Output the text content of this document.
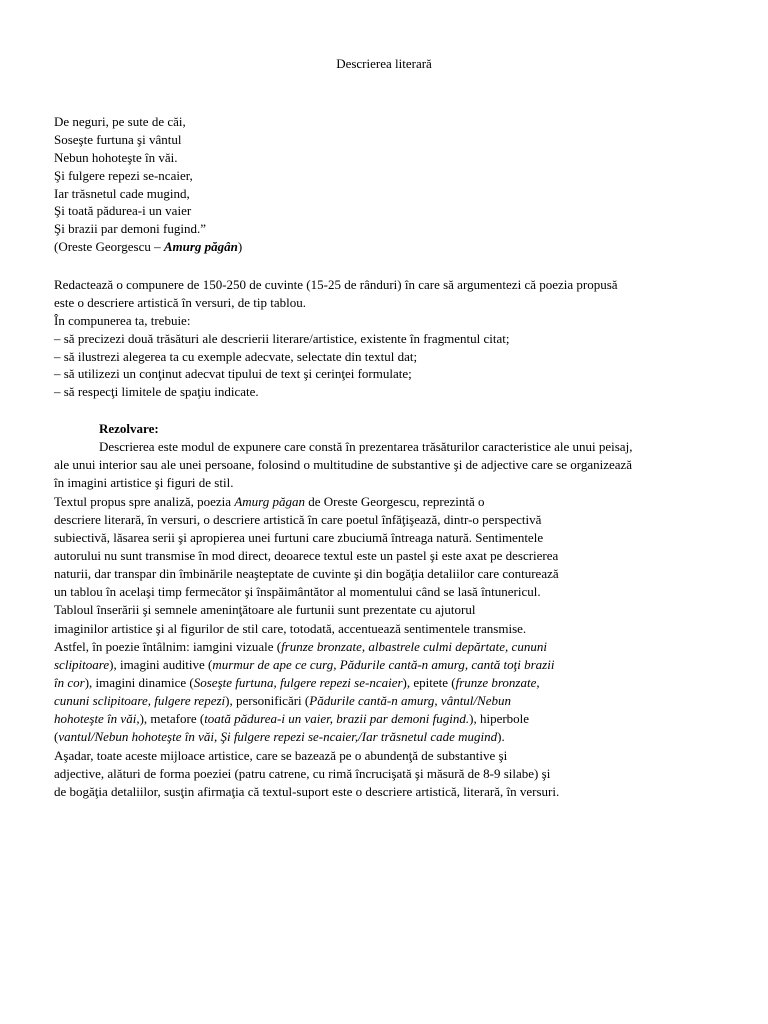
Descrierea literară
De neguri, pe sute de căi,
Soseşte furtuna şi vântul
Nebun hohoteşte în văi.
Şi fulgere repezi se-ncaier,
Iar trăsnetul cade mugind,
Şi toată pădurea-i un vaier
Şi brazii par demoni fugind.”
(Oreste Georgescu – Amurg păgân)
Redactează o compunere de 150-250 de cuvinte (15-25 de rânduri) în care să argumentezi că poezia propusă
este o descriere artistică în versuri, de tip tablou.
În compunerea ta, trebuie:
– să precizezi două trăsături ale descrierii literare/artistice, existente în fragmentul citat;
– să ilustrezi alegerea ta cu exemple adecvate, selectate din textul dat;
– să utilizezi un conţinut adecvat tipului de text şi cerinţei formulate;
– să respecţi limitele de spaţiu indicate.
Rezolvare:
Descrierea este modul de expunere care constă în prezentarea trăsăturilor caracteristice ale unui peisaj,
ale unui interior sau ale unei persoane, folosind o multitudine de substantive şi de adjective care se organizează
în imagini artistice şi figuri de stil.
Textul propus spre analiză, poezia Amurg păgan de Oreste Georgescu, reprezintă o
descriere literară, în versuri, o descriere artistică în care poetul înfăţişează, dintr-o perspectivă
subiectivă, lăsarea serii şi apropierea unei furtuni care zbuciumă întreaga natură. Sentimentele
autorului nu sunt transmise în mod direct, deoarece textul este un pastel şi este axat pe descrierea
naturii, dar transpar din îmbinările neaşteptate de cuvinte şi din bogăţia detaliilor care conturează
un tablou în acelaşi timp fermecător şi înspăimântător al momentului când se lasă întunericul.
Tabloul înserării şi semnele ameninţătoare ale furtunii sunt prezentate cu ajutorul
imaginilor artistice şi al figurilor de stil care, totodată, accentuează sentimentele transmise.
Astfel, în poezie întâlnim: iamgini vizuale (frunze bronzate, albastrele culmi depărtate, cununi
sclipitoare), imagini auditive (murmur de ape ce curg, Pădurile cantă-n amurg, cantă toţi brazii
în cor), imagini dinamice (Soseşte furtuna, fulgere repezi se-ncaier), epitete (frunze bronzate,
cununi sclipitoare, fulgere repezi), personificări (Pădurile cantă-n amurg, vântul/Nebun
hohoteşte în văi,), metafore (toată pădurea-i un vaier, brazii par demoni fugind.), hiperbole
(vantul/Nebun hohoteşte în văi, Şi fulgere repezi se-ncaier,/Iar trăsnetul cade mugind).
Aşadar, toate aceste mijloace artistice, care se bazează pe o abundenţă de substantive şi
adjective, alături de forma poeziei (patru catrene, cu rimă încrucişată şi măsură de 8-9 silabe) şi
de bogăţia detaliilor, susţin afirmaţia că textul-suport este o descriere artistică, literară, în versuri.
